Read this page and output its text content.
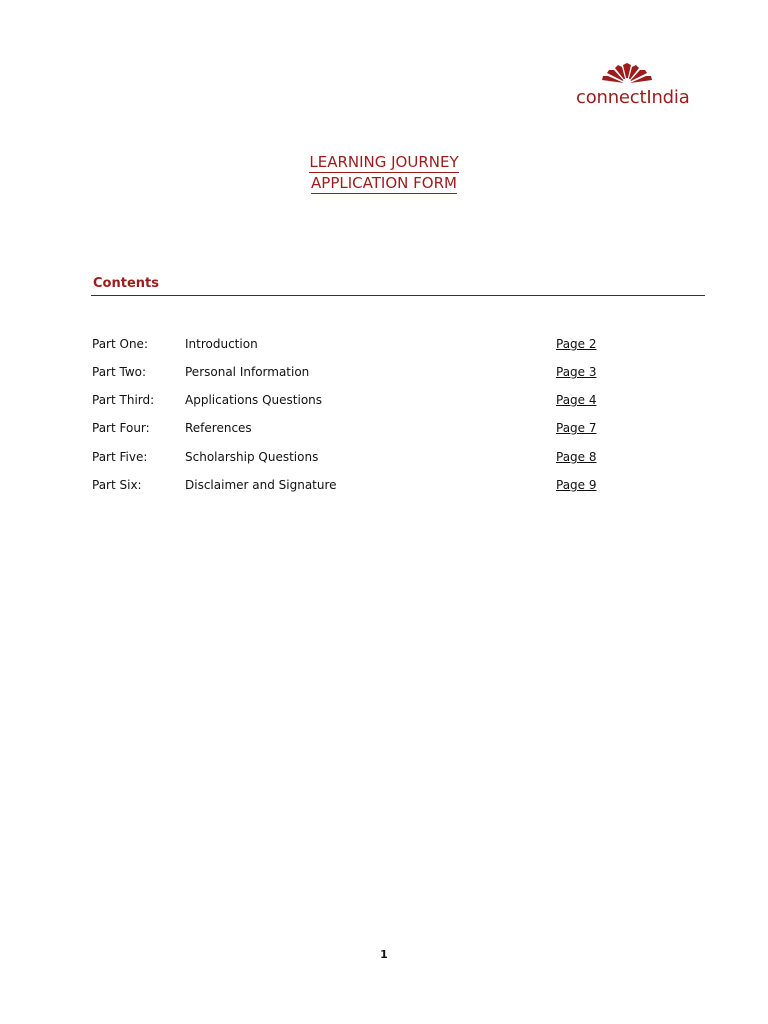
connectIndia
LEARNING JOURNEY
APPLICATION FORM
Contents
Part One:	Introduction	Page 2
Part Two:	Personal Information	Page 3
Part Third:	Applications Questions	Page 4
Part Four:	References	Page 7
Part Five:	Scholarship Questions	Page 8
Part Six:	Disclaimer and Signature	Page 9
1
